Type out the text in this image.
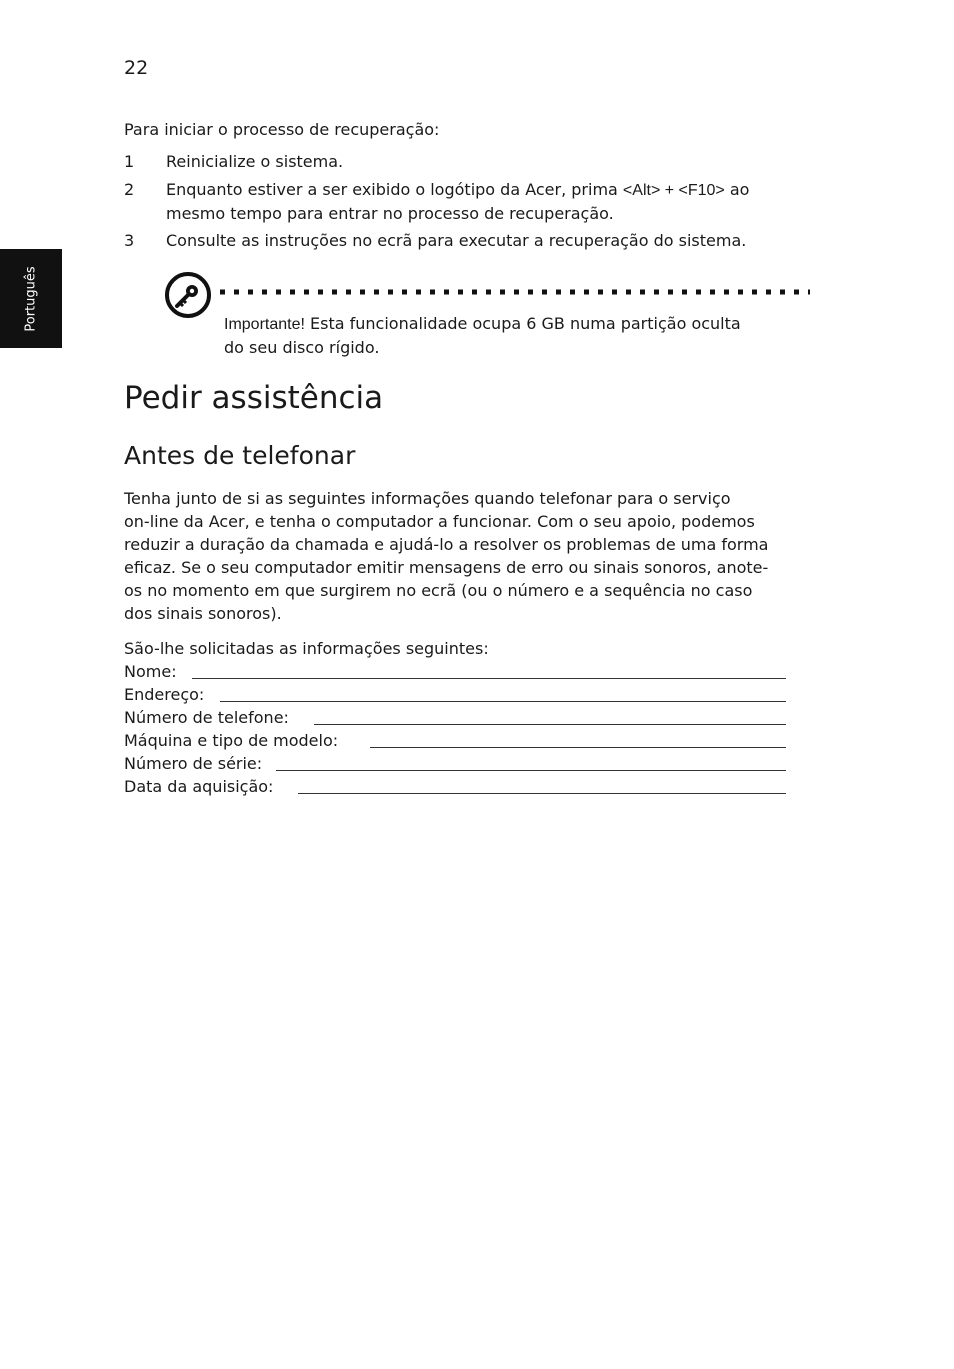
22
Português
Para iniciar o processo de recuperação:
1 Reinicialize o sistema.
2 Enquanto estiver a ser exibido o logótipo da Acer, prima <Alt> + <F10> ao
mesmo tempo para entrar no processo de recuperação.
3 Consulte as instruções no ecrã para executar a recuperação do sistema.
Importante! Esta funcionalidade ocupa 6 GB numa partição oculta
do seu disco rígido.
Pedir assistência
Antes de telefonar
Tenha junto de si as seguintes informações quando telefonar para o serviço
on-line da Acer, e tenha o computador a funcionar. Com o seu apoio, podemos
reduzir a duração da chamada e ajudá-lo a resolver os problemas de uma forma
eficaz. Se o seu computador emitir mensagens de erro ou sinais sonoros, anote-
os no momento em que surgirem no ecrã (ou o número e a sequência no caso
dos sinais sonoros).
São-lhe solicitadas as informações seguintes:
Nome:
Endereço:
Número de telefone:
Máquina e tipo de modelo:
Número de série:
Data da aquisição:
